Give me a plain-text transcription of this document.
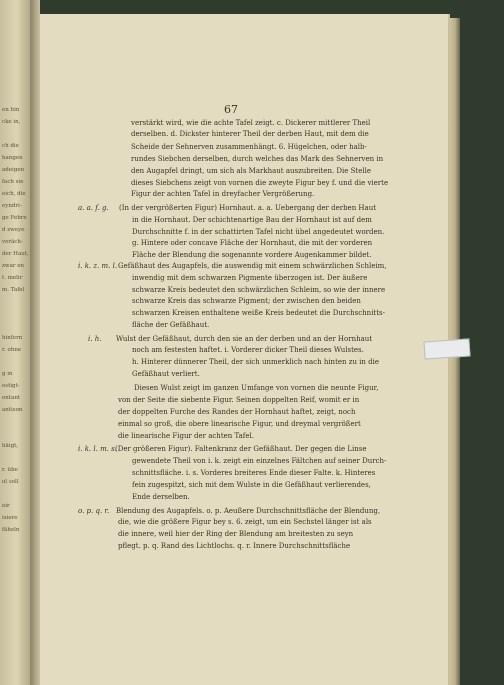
en hin
cke in,
ch die
hangen
adeigen
fach sie
eich, die
eyndri-
ge Febre
d zweye
veräch-
der Haut,
zwar en
t. melir
m. Tafel
hinfern
r. ohne
g in
estigt-
ontant
antison
häigt,
r. übe
ol soll
eir
isiere
fäheln
67
verstärkt wird, wie die achte Tafel zeigt. c. Dickerer mittlerer Theil
derselben. d. Dickster hinterer Theil der derben Haut, mit dem die
Scheide der Sehnerven zusammenhängt. 6. Hügelchen, oder halb-
rundes Siebchen derselben, durch welches das Mark des Sehnerven in
den Augapfel dringt, um sich als Markhaut auszubreiten. Die Stelle
dieses Siebchens zeigt von vornen die zweyte Figur bey f. und die vierte
Figur der achten Tafel in dreyfacher Vergrößerung.
a. a. f. g. (In der vergrößerten Figur) Hornhaut. a. a. Uebergang der derben Haut
in die Hornhaut. Der schichtenartige Bau der Hornhaut ist auf dem
Durchschnitte f. in der schattirten Tafel nicht übel angedeutet worden.
g. Hintere oder concave Fläche der Hornhaut, die mit der vorderen
Fläche der Blendung die sogenannte vordere Augenkammer bildet.
i. k. z. m. l. Gefäßhaut des Augapfels, die auswendig mit einem schwärzlichen Schleim,
inwendig mit dem schwarzen Pigmente überzogen ist. Der äußere
schwarze Kreis bedeutet den schwärzlichen Schleim, so wie der innere
schwarze Kreis das schwarze Pigment; der zwischen den beiden
schwarzen Kreisen enthaltene weiße Kreis bedeutet die Durchschnitts-
fläche der Gefäßhaut.
i. h. Wulst der Gefäßhaut, durch den sie an der derben und an der Hornhaut
noch am festesten haftet. i. Vorderer dicker Theil dieses Wulstes.
h. Hinterer dünnerer Theil, der sich unmerklich nach hinten zu in die
Gefäßhaut verliert.
Diesen Wulst zeigt im ganzen Umfange von vornen die neunte Figur,
von der Seite die siebente Figur. Seinen doppelten Reif, womit er in
der doppelten Furche des Randes der Hornhaut haftet, zeigt, noch
einmal so groß, die obere linearische Figur, und dreymal vergrößert
die linearische Figur der achten Tafel.
i. k. l. m. s.
(Der größeren Figur). Faltenkranz der Gefäßhaut. Der gegen die Linse
gewendete Theil von i. k. zeigt ein einzelnes Fältchen auf seiner Durch-
schnittsfläche. i. s. Vorderes breiteres Ende dieser Falte. k. Hinteres
fein zugespitzt, sich mit dem Wulste in die Gefäßhaut verlierendes,
Ende derselben.
o. p. q. r. Blendung des Augapfels. o. p. Aeußere Durchschnittsfläche der Blendung,
die, wie die größere Figur bey s. 6. zeigt, um ein Sechstel länger ist als
die innere, weil hier der Ring der Blendung am breitesten zu seyn
pflegt. p. q. Rand des Lichtlochs. q. r. Innere Durchschnittsfläche
